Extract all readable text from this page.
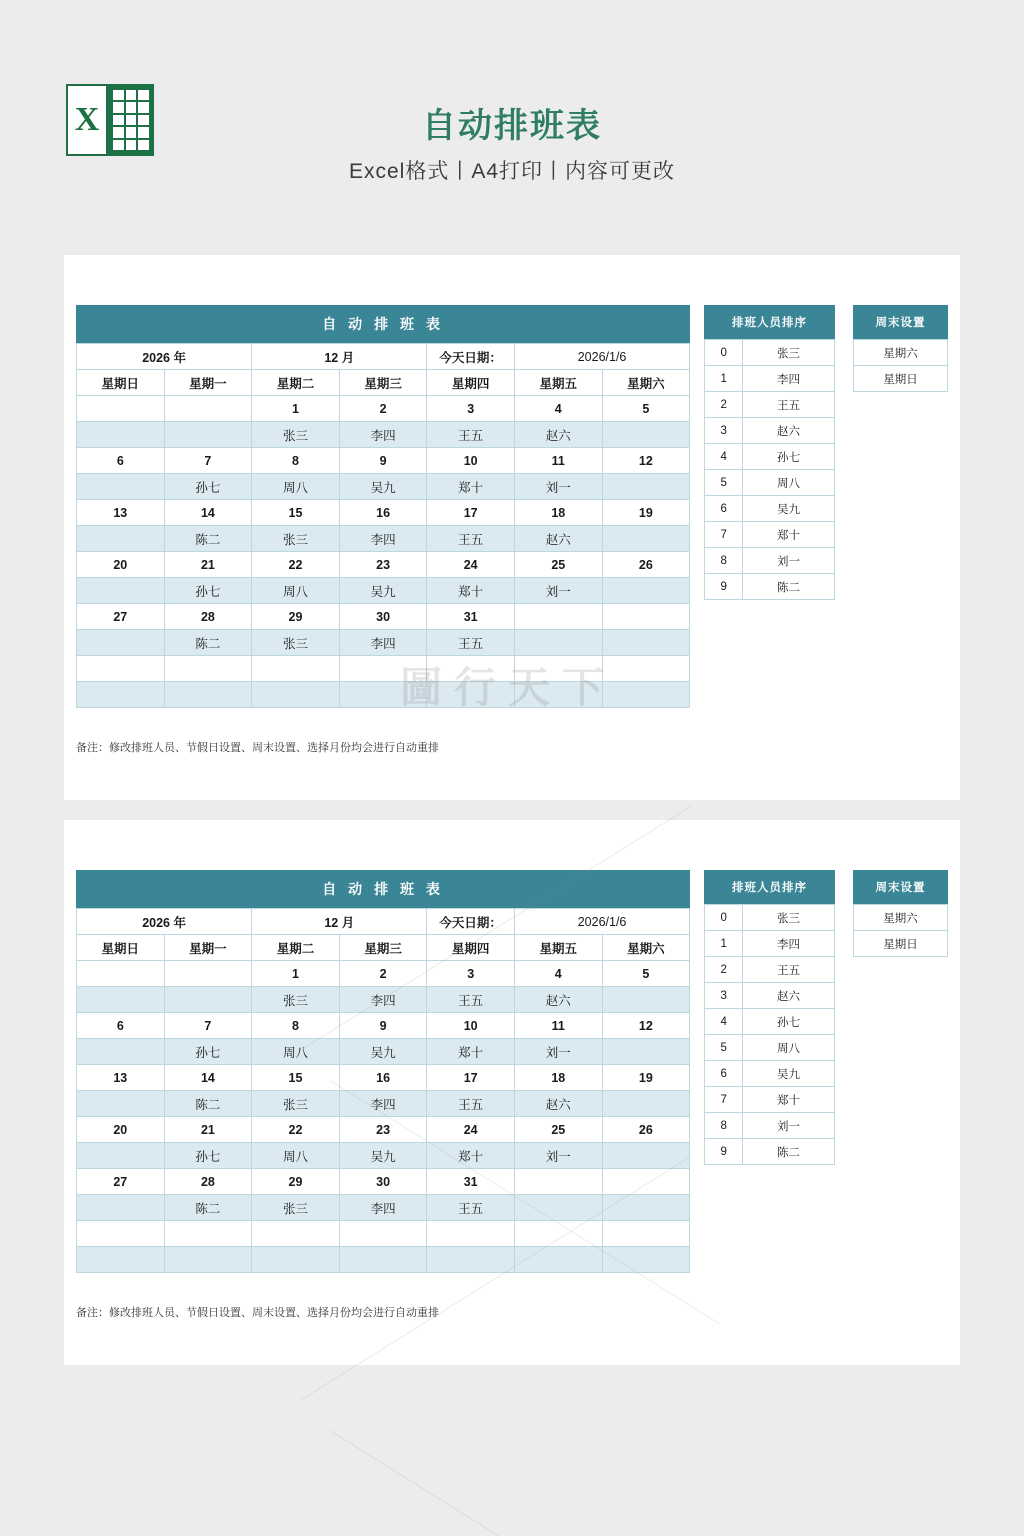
X	自动排班表
Excel格式丨A4打印丨内容可更改
自 动 排 班 表
2026 年		12 月		今天日期：	2026/1/6	
星期日	星期一	星期二	星期三	星期四	星期五	星期六
		1	2	3	4	5
		张三	李四	王五	赵六	
6	7	8	9	10	11	12
	孙七	周八	吴九	郑十	刘一	
13	14	15	16	17	18	19
	陈二	张三	李四	王五	赵六	
20	21	22	23	24	25	26
	孙七	周八	吴九	郑十	刘一	
27	28	29	30	31		
	陈二	张三	李四	王五		

排班人员排序
0	张三
1	李四
2	王五
3	赵六
4	孙七
5	周八
6	吴九
7	郑十
8	刘一
9	陈二
周末设置
星期六
星期日
备注：修改排班人员、节假日设置、周末设置、选择月份均会进行自动重排
自 动 排 班 表
2026 年		12 月		今天日期：	2026/1/6	
星期日	星期一	星期二	星期三	星期四	星期五	星期六
		1	2	3	4	5
		张三	李四	王五	赵六	
6	7	8	9	10	11	12
	孙七	周八	吴九	郑十	刘一	
13	14	15	16	17	18	19
	陈二	张三	李四	王五	赵六	
20	21	22	23	24	25	26
	孙七	周八	吴九	郑十	刘一	
27	28	29	30	31		
	陈二	张三	李四	王五		

排班人员排序
0	张三
1	李四
2	王五
3	赵六
4	孙七
5	周八
6	吴九
7	郑十
8	刘一
9	陈二
周末设置
星期六
星期日
备注：修改排班人员、节假日设置、周末设置、选择月份均会进行自动重排
圖行天下
